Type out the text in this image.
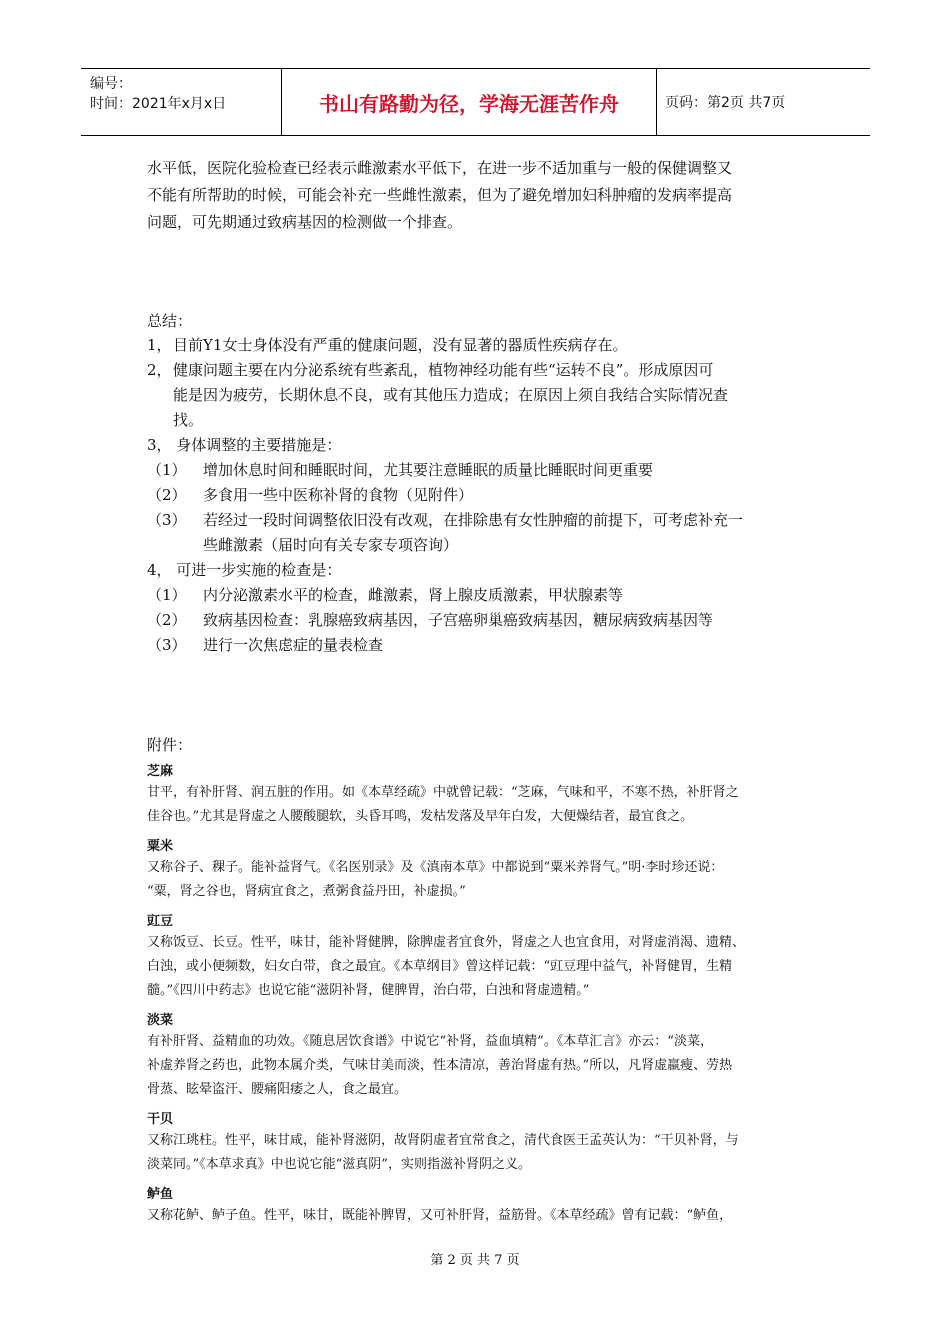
编号：
时间：2021年x月x日	书山有路勤为径，学海无涯苦作舟	页码：第2页 共7页
水平低，医院化验检查已经表示雌激素水平低下，在进一步不适加重与一般的保健调整又
不能有所帮助的时候，可能会补充一些雌性激素，但为了避免增加妇科肿瘤的发病率提高
问题，可先期通过致病基因的检测做一个排查。
总结：
1， 目前Y1女士身体没有严重的健康问题，没有显著的器质性疾病存在。
2， 健康问题主要在内分泌系统有些紊乱，植物神经功能有些“运转不良”。形成原因可
能是因为疲劳，长期休息不良，或有其他压力造成；在原因上须自我结合实际情况查
找。
3， 身体调整的主要措施是：
（1） 增加休息时间和睡眠时间，尤其要注意睡眠的质量比睡眠时间更重要
（2） 多食用一些中医称补肾的食物（见附件）
（3） 若经过一段时间调整依旧没有改观，在排除患有女性肿瘤的前提下，可考虑补充一
些雌激素（届时向有关专家专项咨询）
4， 可进一步实施的检查是：
（1） 内分泌激素水平的检查，雌激素，肾上腺皮质激素，甲状腺素等
（2） 致病基因检查：乳腺癌致病基因，子宫癌卵巢癌致病基因，糖尿病致病基因等
（3） 进行一次焦虑症的量表检查
附件：
芝麻
甘平，有补肝肾、润五脏的作用。如《本草经疏》中就曾记载：“芝麻，气味和平，不寒不热，补肝肾之
佳谷也。”尤其是肾虚之人腰酸腿软，头昏耳鸣，发枯发落及早年白发，大便燥结者，最宜食之。
粟米
又称谷子、稞子。能补益肾气。《名医别录》及《滇南本草》中都说到“粟米养肾气。”明·李时珍还说：
“粟，肾之谷也，肾病宜食之，煮粥食益丹田，补虚损。”
豇豆
又称饭豆、长豆。性平，味甘，能补肾健脾，除脾虚者宜食外，肾虚之人也宜食用，对肾虚消渴、遗精、
白浊，或小便频数，妇女白带，食之最宜。《本草纲目》曾这样记载：“豇豆理中益气，补肾健胃，生精
髓。”《四川中药志》也说它能“滋阴补肾，健脾胃，治白带，白浊和肾虚遗精。”
淡菜
有补肝肾、益精血的功效。《随息居饮食谱》中说它“补肾，益血填精”。《本草汇言》亦云：“淡菜，
补虚养肾之药也，此物本属介类，气味甘美而淡，性本清凉，善治肾虚有热。”所以，凡肾虚羸瘦、劳热
骨蒸、眩晕盗汗、腰痛阳痿之人，食之最宜。
干贝
又称江珧柱。性平，味甘咸，能补肾滋阴，故肾阴虚者宜常食之，清代食医王孟英认为：“干贝补肾，与
淡菜同。”《本草求真》中也说它能“滋真阴”，实则指滋补肾阴之义。
鲈鱼
又称花鲈、鲈子鱼。性平，味甘，既能补脾胃，又可补肝肾，益筋骨。《本草经疏》曾有记载：“鲈鱼，
第 2 页 共 7 页
